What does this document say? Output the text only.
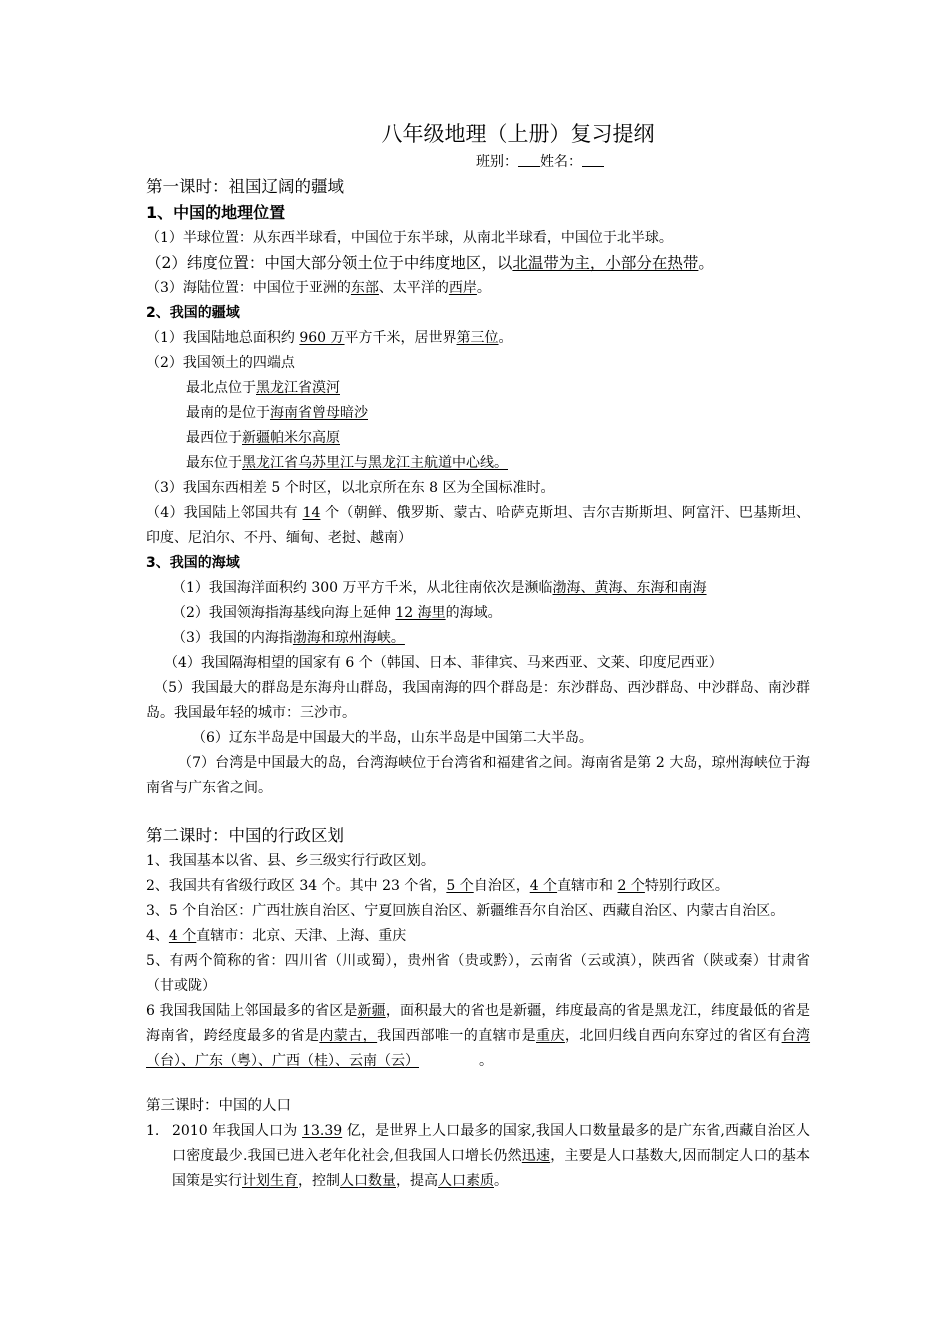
八年级地理（上册）复习提纲
班别： 姓名：
第一课时：祖国辽阔的疆域
1、中国的地理位置
（1）半球位置：从东西半球看，中国位于东半球，从南北半球看，中国位于北半球。
（2）纬度位置：中国大部分领土位于中纬度地区，以北温带为主，小部分在热带。
（3）海陆位置：中国位于亚洲的东部、太平洋的西岸。
2、我国的疆域
（1）我国陆地总面积约 960 万平方千米，居世界第三位。
（2）我国领土的四端点
最北点位于黑龙江省漠河
最南的是位于海南省曾母暗沙
最西位于新疆帕米尔高原
最东位于黑龙江省乌苏里江与黑龙江主航道中心线。
（3）我国东西相差 5 个时区，以北京所在东 8 区为全国标准时。
（4）我国陆上邻国共有 14 个（朝鲜、俄罗斯、蒙古、哈萨克斯坦、吉尔吉斯斯坦、阿富汗、巴基斯坦、印度、尼泊尔、不丹、缅甸、老挝、越南）
3、我国的海域
（1）我国海洋面积约 300 万平方千米，从北往南依次是濒临渤海、黄海、东海和南海
（2）我国领海指海基线向海上延伸 12 海里的海域。
（3）我国的内海指渤海和琼州海峡。
（4）我国隔海相望的国家有 6 个（韩国、日本、菲律宾、马来西亚、文莱、印度尼西亚）
（5）我国最大的群岛是东海舟山群岛，我国南海的四个群岛是：东沙群岛、西沙群岛、中沙群岛、南沙群岛。我国最年轻的城市：三沙市。
（6）辽东半岛是中国最大的半岛，山东半岛是中国第二大半岛。
（7）台湾是中国最大的岛，台湾海峡位于台湾省和福建省之间。海南省是第 2 大岛，琼州海峡位于海南省与广东省之间。
第二课时：中国的行政区划
1、我国基本以省、县、乡三级实行行政区划。
2、我国共有省级行政区 34 个。其中 23 个省，5 个自治区，4 个直辖市和 2 个特别行政区。
3、5 个自治区：广西壮族自治区、宁夏回族自治区、新疆维吾尔自治区、西藏自治区、内蒙古自治区。
4、4 个直辖市：北京、天津、上海、重庆
5、有两个简称的省：四川省（川或蜀），贵州省（贵或黔），云南省（云或滇），陕西省（陕或秦）甘肃省（甘或陇）
6 我国我国陆上邻国最多的省区是新疆，面积最大的省也是新疆，纬度最高的省是黑龙江，纬度最低的省是海南省，跨经度最多的省是内蒙古，我国西部唯一的直辖市是重庆，北回归线自西向东穿过的省区有台湾（台）、广东（粤）、广西（桂）、云南（云）	。
第三课时：中国的人口
1. 2010 年我国人口为 13.39 亿，是世界上人口最多的国家,我国人口数量最多的是广东省,西藏自治区人口密度最少.我国已进入老年化社会,但我国人口增长仍然迅速，主要是人口基数大,因而制定人口的基本国策是实行计划生育，控制人口数量，提高人口素质。
